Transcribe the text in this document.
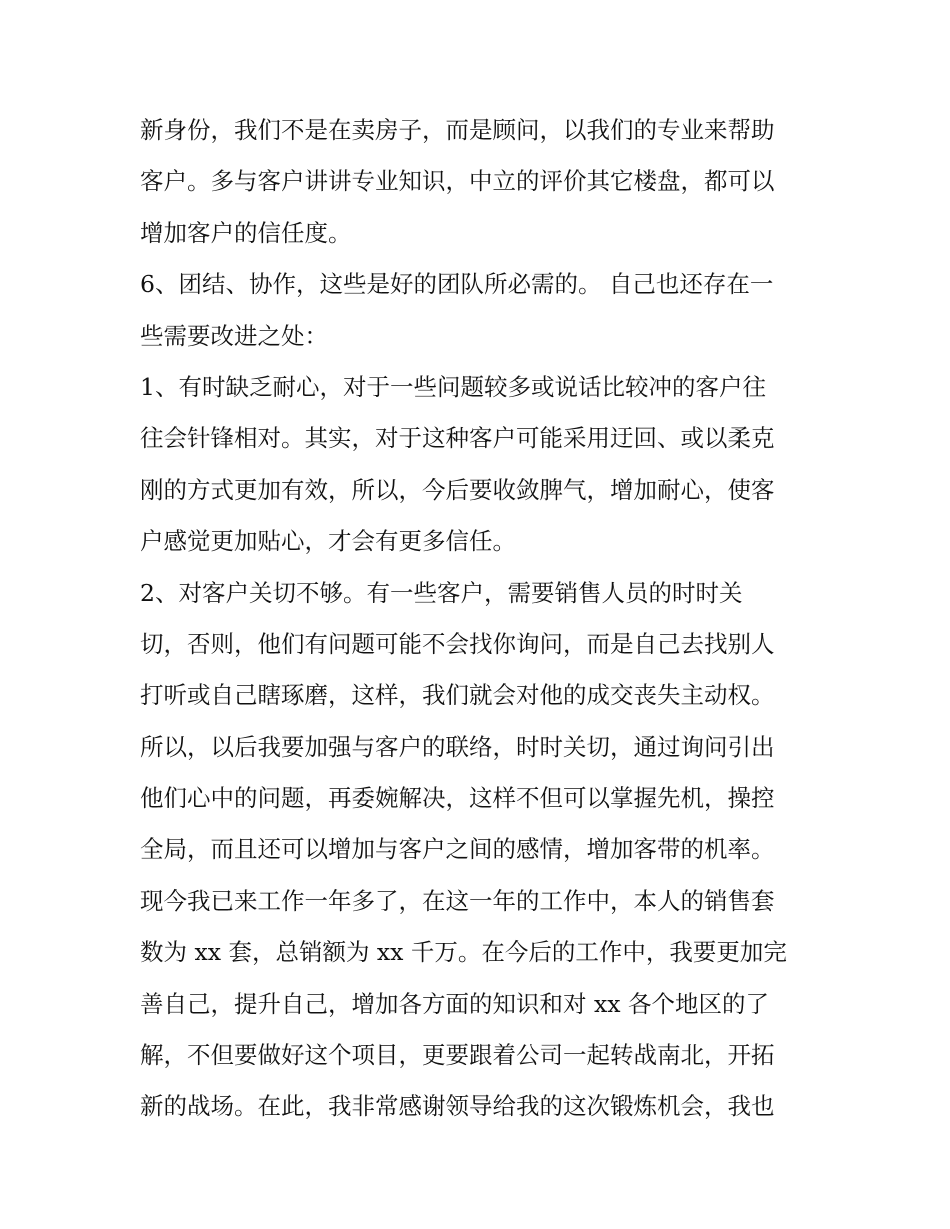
新身份，我们不是在卖房子，而是顾问，以我们的专业来帮助
客户。多与客户讲讲专业知识，中立的评价其它楼盘，都可以
增加客户的信任度。
6、团结、协作，这些是好的团队所必需的。 自己也还存在一
些需要改进之处：
1、有时缺乏耐心，对于一些问题较多或说话比较冲的客户往
往会针锋相对。其实，对于这种客户可能采用迂回、或以柔克
刚的方式更加有效，所以，今后要收敛脾气，增加耐心，使客
户感觉更加贴心，才会有更多信任。
2、对客户关切不够。有一些客户，需要销售人员的时时关
切，否则，他们有问题可能不会找你询问，而是自己去找别人
打听或自己瞎琢磨，这样，我们就会对他的成交丧失主动权。
所以，以后我要加强与客户的联络，时时关切，通过询问引出
他们心中的问题，再委婉解决，这样不但可以掌握先机，操控
全局，而且还可以增加与客户之间的感情，增加客带的机率。
现今我已来工作一年多了，在这一年的工作中，本人的销售套
数为 xx 套，总销额为 xx 千万。在今后的工作中，我要更加完
善自己，提升自己，增加各方面的知识和对 xx 各个地区的了
解，不但要做好这个项目，更要跟着公司一起转战南北，开拓
新的战场。在此，我非常感谢领导给我的这次锻炼机会，我也
